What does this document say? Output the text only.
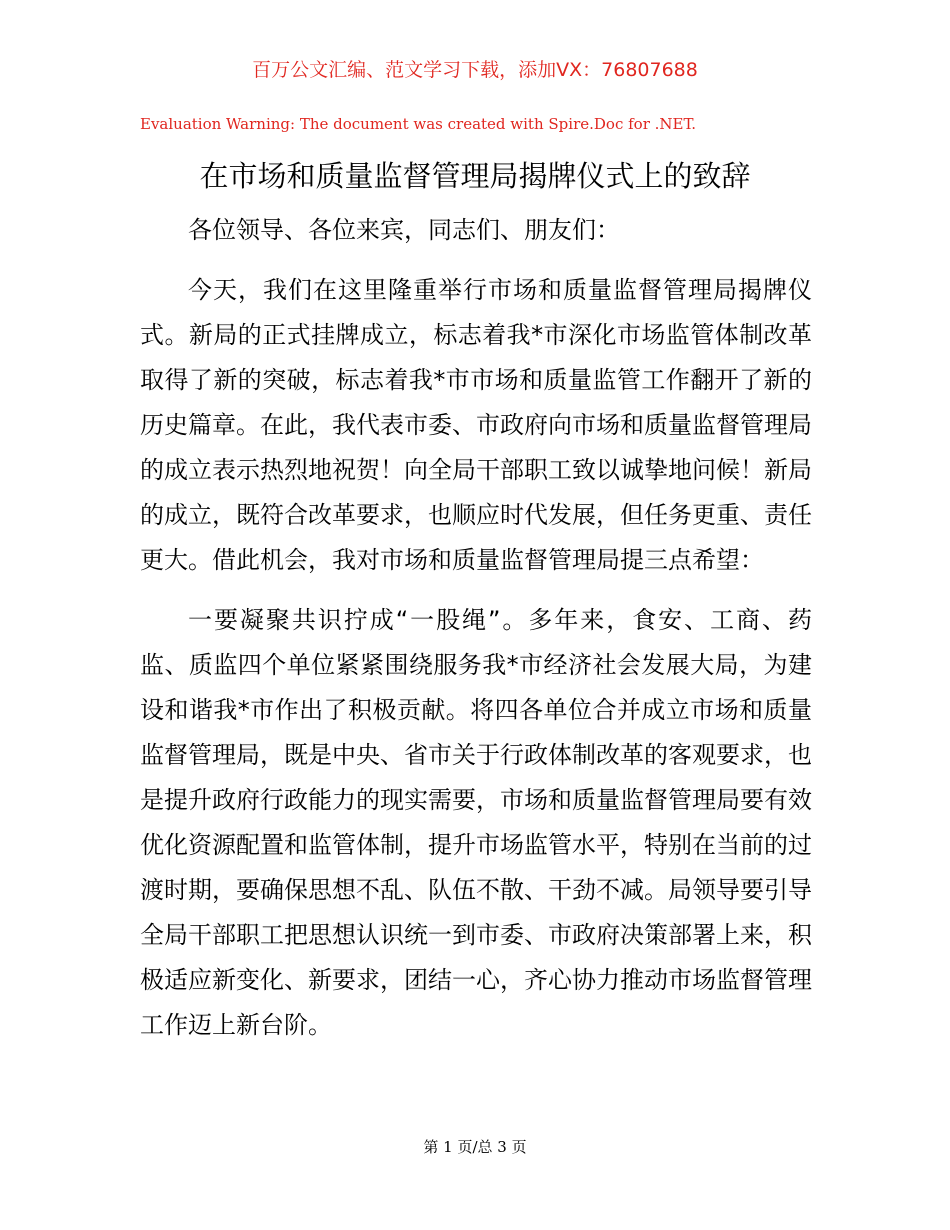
百万公文汇编、范文学习下载，添加VX：76807688
Evaluation Warning: The document was created with Spire.Doc for .NET.
在市场和质量监督管理局揭牌仪式上的致辞

各位领导、各位来宾，同志们、朋友们：

今天，我们在这里隆重举行市场和质量监督管理局揭牌仪式。新局的正式挂牌成立，标志着我*市深化市场监管体制改革取得了新的突破，标志着我*市市场和质量监管工作翻开了新的历史篇章。在此，我代表市委、市政府向市场和质量监督管理局的成立表示热烈地祝贺！向全局干部职工致以诚挚地问候！新局的成立，既符合改革要求，也顺应时代发展，但任务更重、责任更大。借此机会，我对市场和质量监督管理局提三点希望：

一要凝聚共识拧成“一股绳”。多年来，食安、工商、药监、质监四个单位紧紧围绕服务我*市经济社会发展大局，为建设和谐我*市作出了积极贡献。将四各单位合并成立市场和质量监督管理局，既是中央、省市关于行政体制改革的客观要求，也是提升政府行政能力的现实需要，市场和质量监督管理局要有效优化资源配置和监管体制，提升市场监管水平，特别在当前的过渡时期，要确保思想不乱、队伍不散、干劲不减。局领导要引导全局干部职工把思想认识统一到市委、市政府决策部署上来，积极适应新变化、新要求，团结一心，齐心协力推动市场监督管理工作迈上新台阶。

第 1 页/总 3 页
